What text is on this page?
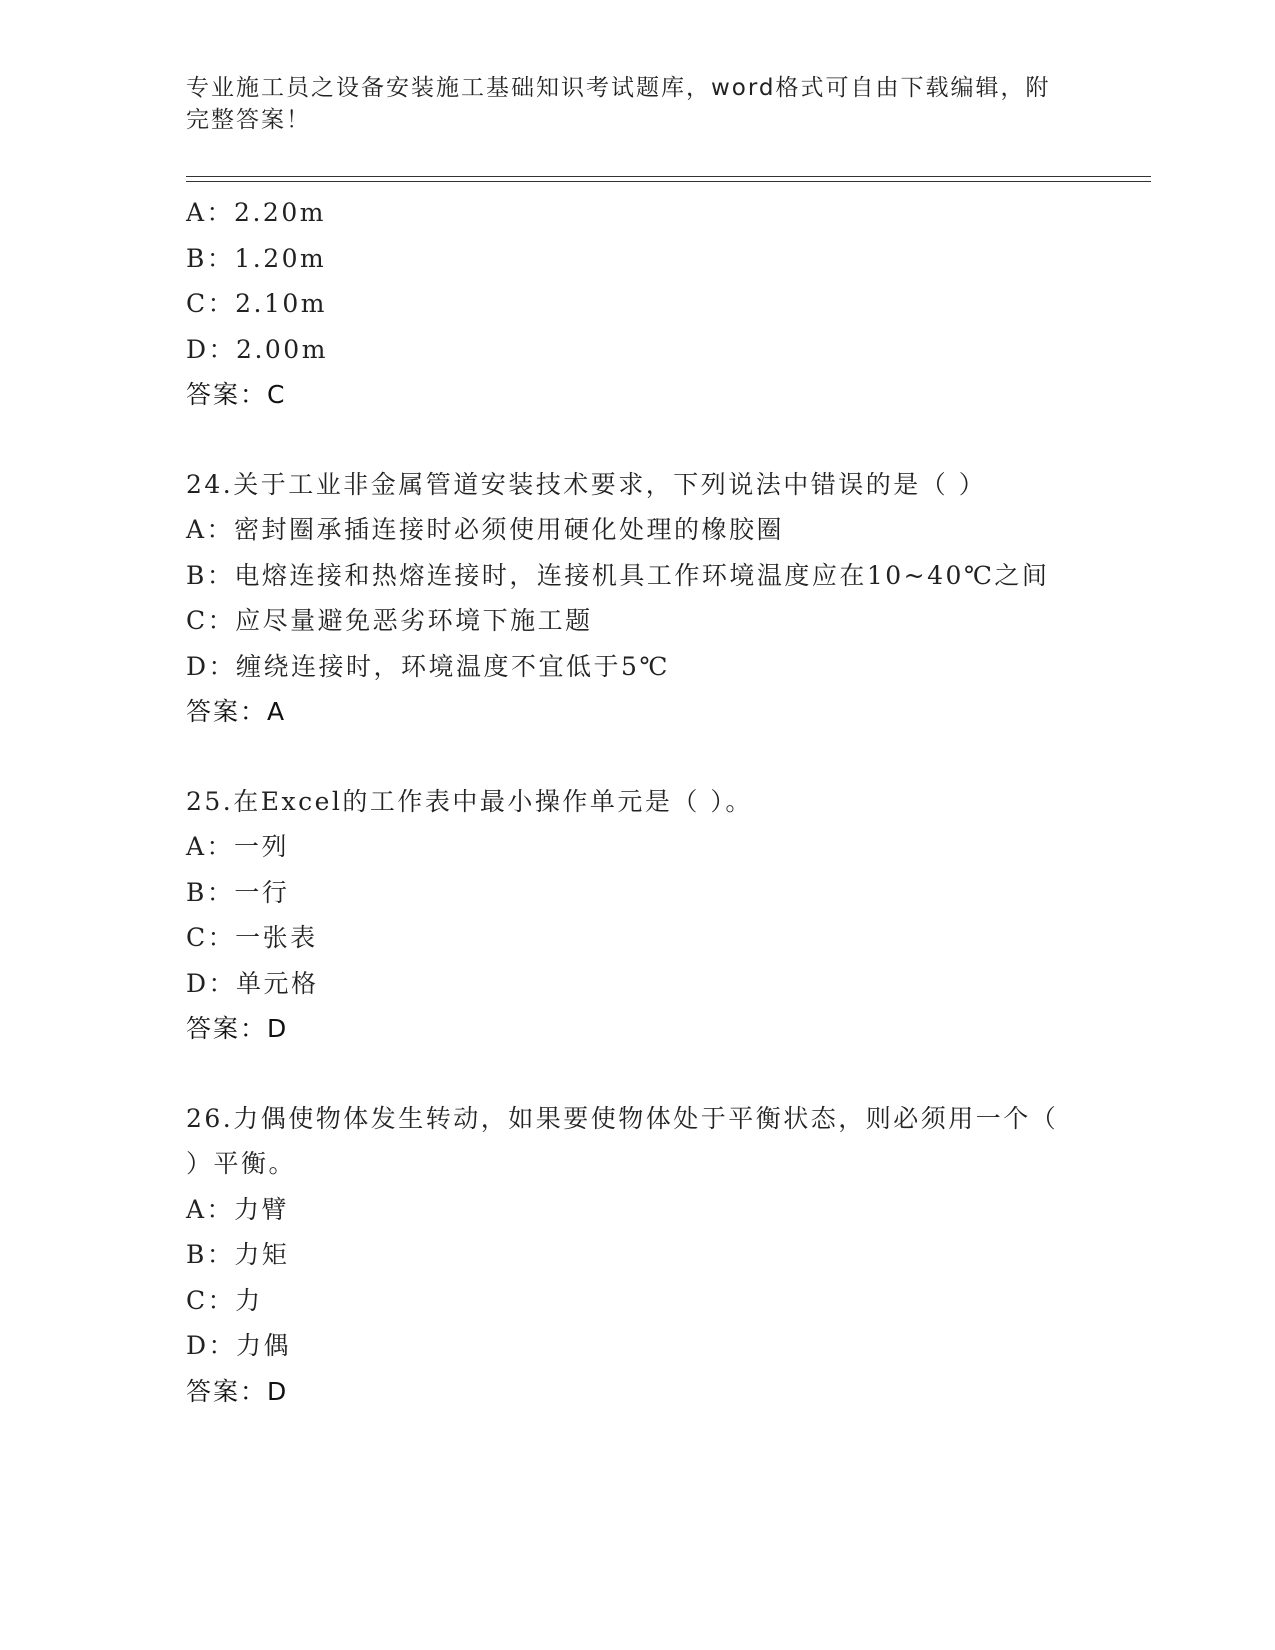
专业施工员之设备安装施工基础知识考试题库，word格式可自由下载编辑，附完整答案！
A：2.20m
B：1.20m
C：2.10m
D：2.00m
答案：C
24.关于工业非金属管道安装技术要求，下列说法中错误的是（ ）
A：密封圈承插连接时必须使用硬化处理的橡胶圈
B：电熔连接和热熔连接时，连接机具工作环境温度应在10~40℃之间
C：应尽量避免恶劣环境下施工题
D：缠绕连接时，环境温度不宜低于5℃
答案：A
25.在Excel的工作表中最小操作单元是（ ）。
A：一列
B：一行
C：一张表
D：单元格
答案：D
26.力偶使物体发生转动，如果要使物体处于平衡状态，则必须用一个（ ）平衡。
A：力臂
B：力矩
C：力
D：力偶
答案：D
